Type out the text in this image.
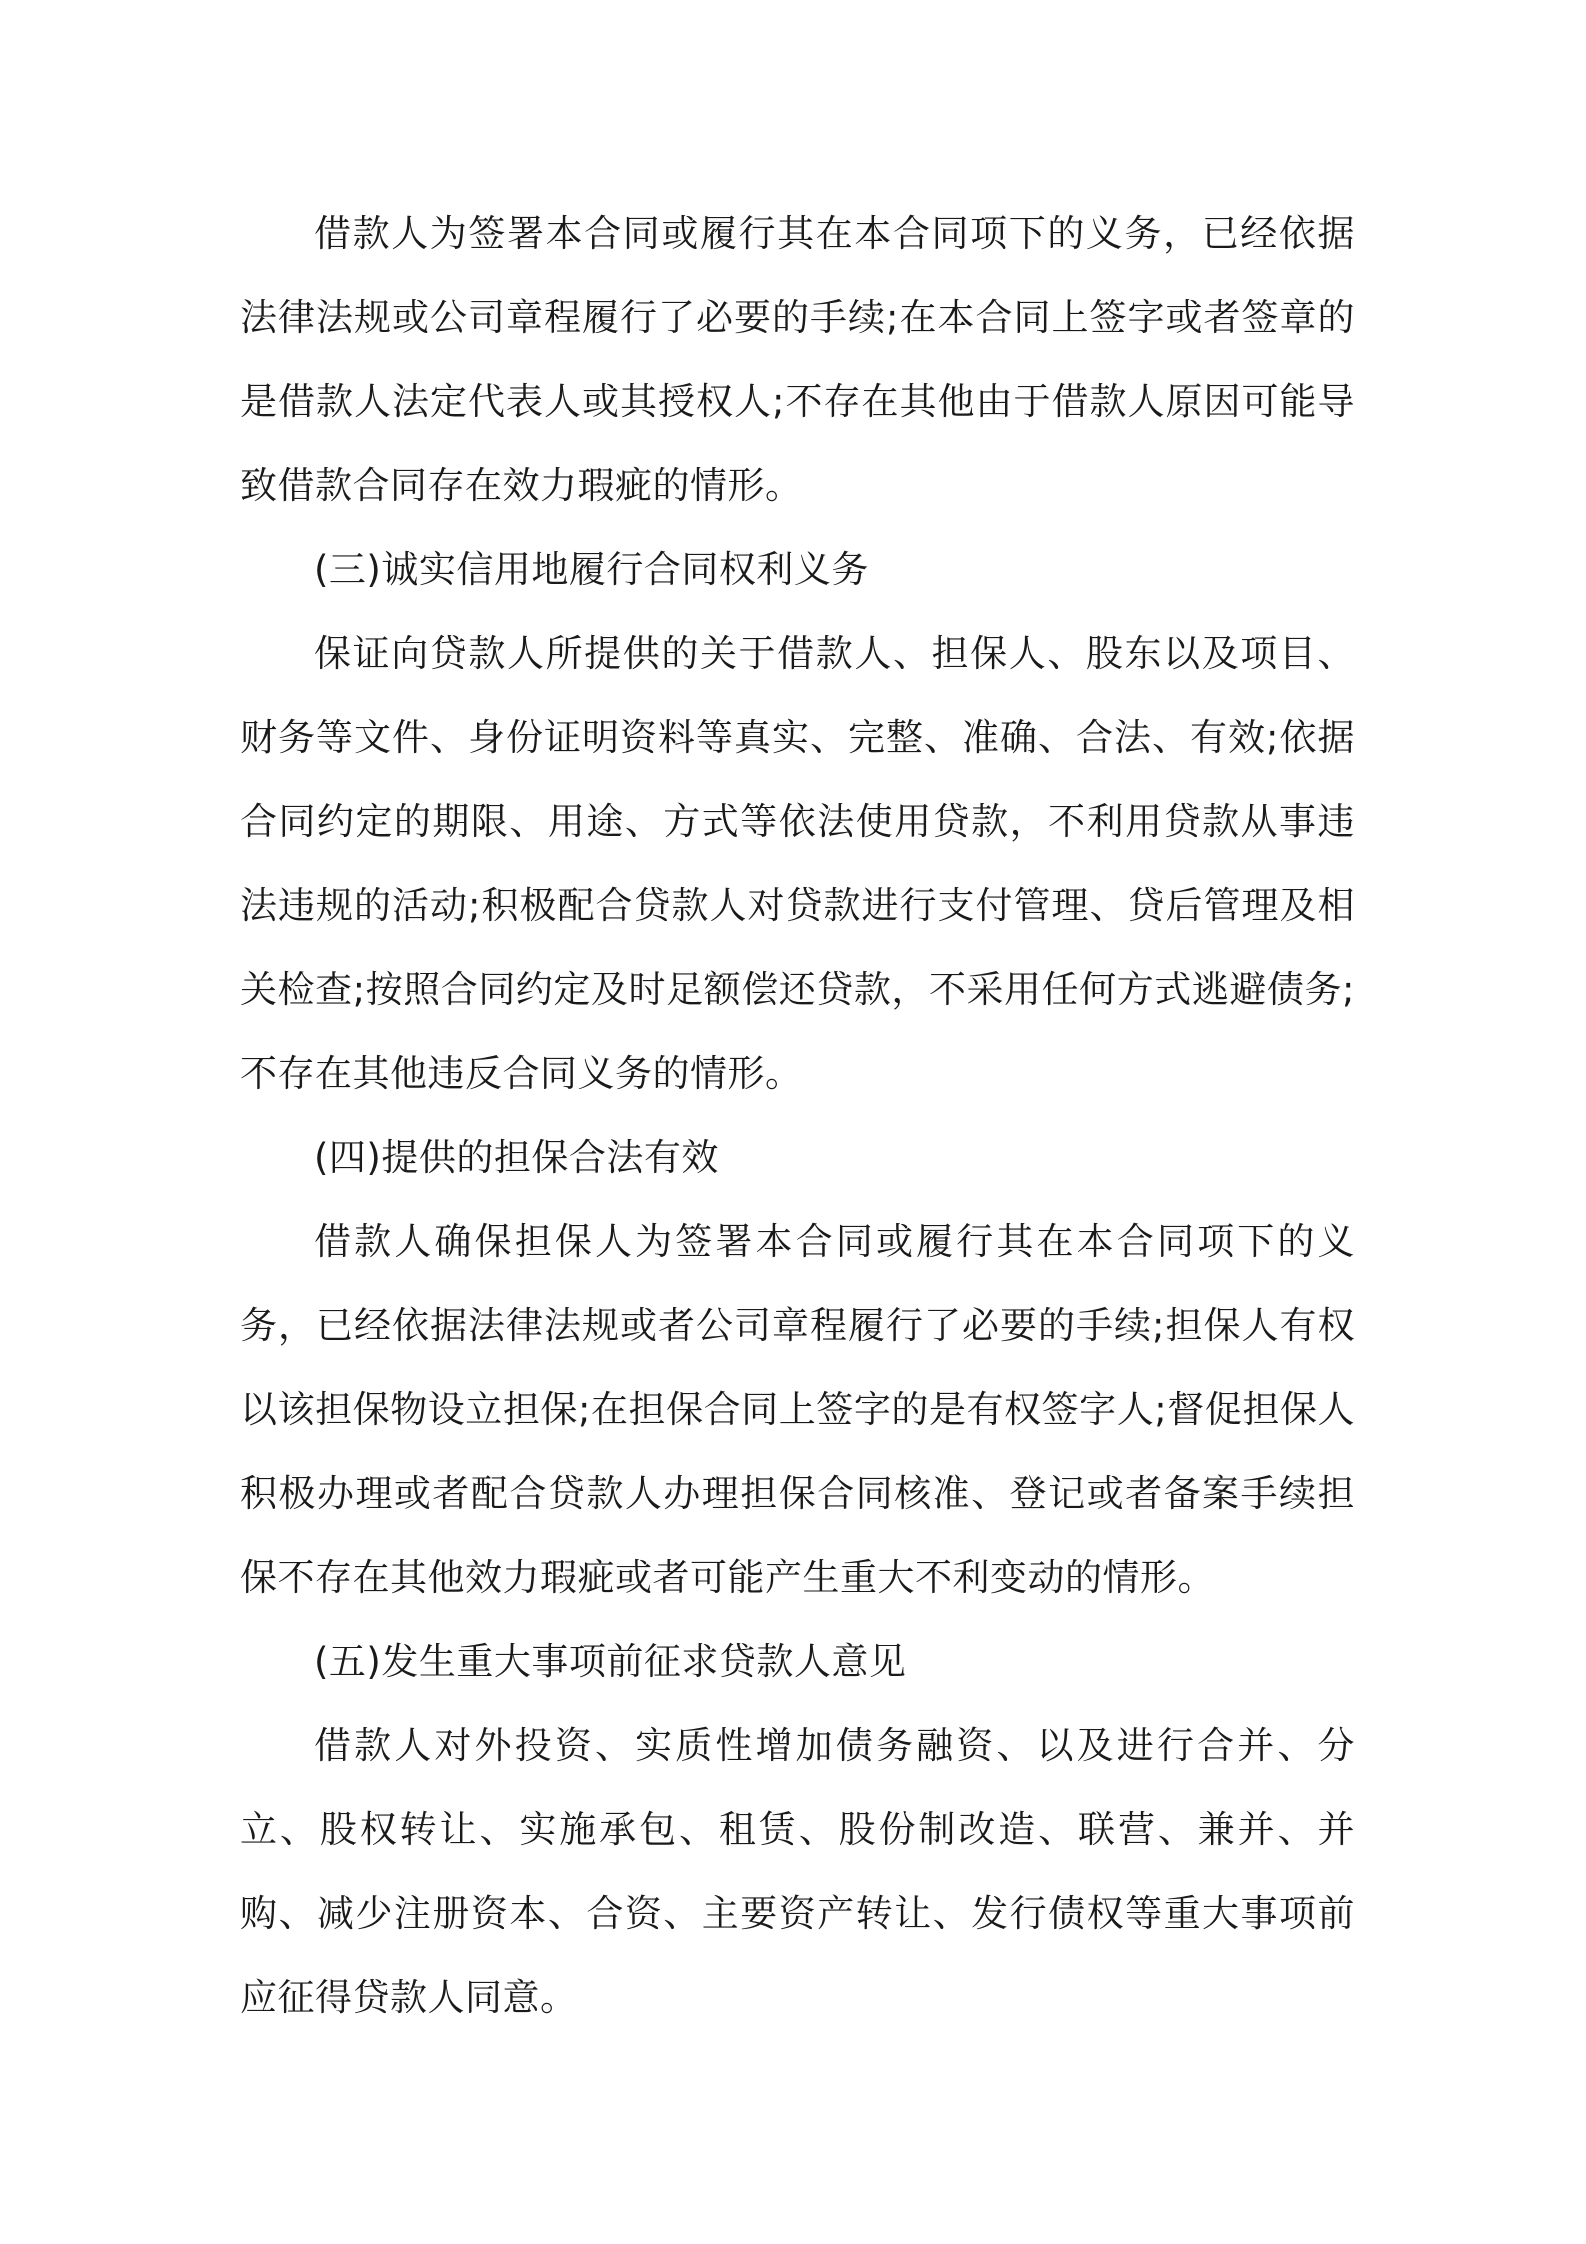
借款人为签署本合同或履行其在本合同项下的义务，已经依据法律法规或公司章程履行了必要的手续;在本合同上签字或者签章的是借款人法定代表人或其授权人;不存在其他由于借款人原因可能导致借款合同存在效力瑕疵的情形。

(三)诚实信用地履行合同权利义务

保证向贷款人所提供的关于借款人、担保人、股东以及项目、财务等文件、身份证明资料等真实、完整、准确、合法、有效;依据合同约定的期限、用途、方式等依法使用贷款，不利用贷款从事违法违规的活动;积极配合贷款人对贷款进行支付管理、贷后管理及相关检查;按照合同约定及时足额偿还贷款，不采用任何方式逃避债务;不存在其他违反合同义务的情形。

(四)提供的担保合法有效

借款人确保担保人为签署本合同或履行其在本合同项下的义务，已经依据法律法规或者公司章程履行了必要的手续;担保人有权以该担保物设立担保;在担保合同上签字的是有权签字人;督促担保人积极办理或者配合贷款人办理担保合同核准、登记或者备案手续担保不存在其他效力瑕疵或者可能产生重大不利变动的情形。

(五)发生重大事项前征求贷款人意见

借款人对外投资、实质性增加债务融资、以及进行合并、分立、股权转让、实施承包、租赁、股份制改造、联营、兼并、并购、减少注册资本、合资、主要资产转让、发行债权等重大事项前应征得贷款人同意。
